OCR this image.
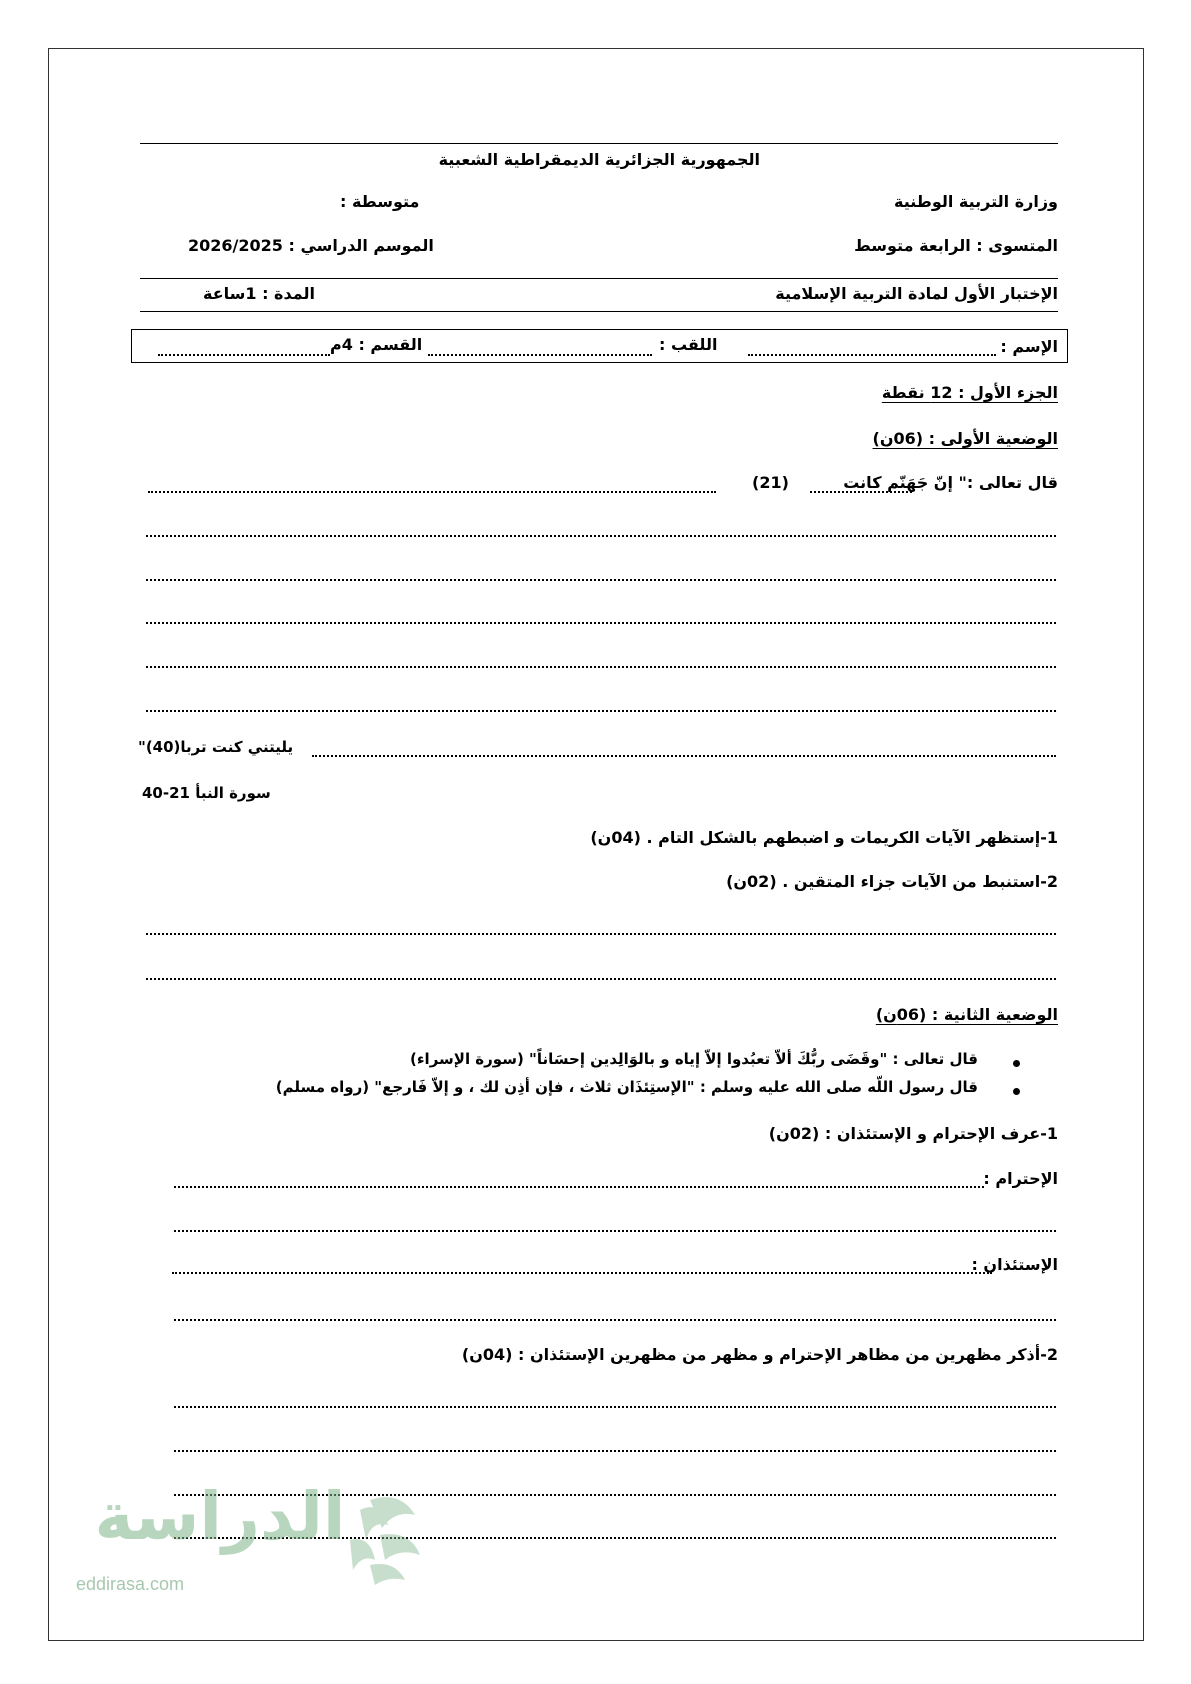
الجمهورية الجزائرية الديمقراطية الشعبية
وزارة التربية الوطنية
متوسطة :
المتسوى : الرابعة متوسط
الموسم الدراسي : 2026/2025
الإختبار الأول لمادة التربية الإسلامية
المدة : 1ساعة
الإسم :
اللقب :
القسم : 4م
الجزء الأول : 12 نقطة
الوضعية الأولى : (06ن)
قال تعالى :" إنّ جَهَنّم كانت
(21)
يليتني كنت تربا(40)"
سورة النبأ 21-40
1-إستظهر الآيات الكريمات و اضبطهم بالشكل التام . (04ن)
2-استنبط من الآيات جزاء المتقين . (02ن)
الوضعية الثانية : (06ن)
قال تعالى : "وقَضَى ربُّكَ ألاّ تعبُدوا إلاّ إياه و بالوَالِدين إحسَاناً" (سورة الإسراء)
قال رسول اللّه صلى الله عليه وسلم : "الإستِئذَان ثلاث ، فإن أذِن لك ، و إلاّ فَارجع" (رواه مسلم)
1-عرف الإحترام و الإستئذان : (02ن)
الإحترام :
الإستئذان :
2-أذكر مظهرين من مظاهر الإحترام و مظهر من مظهرين الإستئذان : (04ن)
الدراسة
eddirasa.com
